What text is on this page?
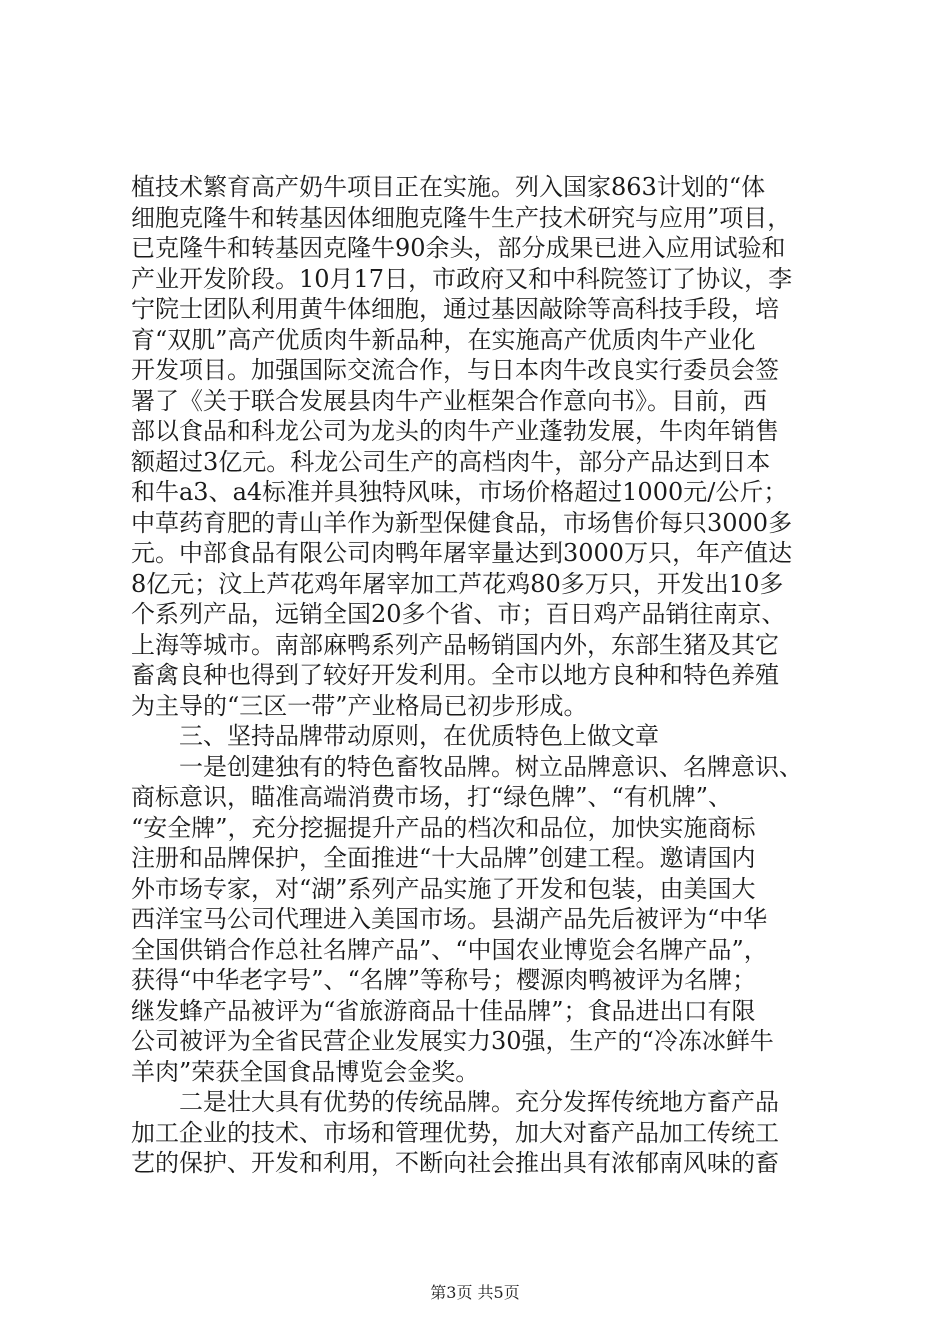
植技术繁育高产奶牛项目正在实施。列入国家863计划的“体
细胞克隆牛和转基因体细胞克隆牛生产技术研究与应用”项目，
已克隆牛和转基因克隆牛90余头，部分成果已进入应用试验和
产业开发阶段。10月17日，市政府又和中科院签订了协议，李
宁院士团队利用黄牛体细胞，通过基因敲除等高科技手段，培
育“双肌”高产优质肉牛新品种，在实施高产优质肉牛产业化
开发项目。加强国际交流合作，与日本肉牛改良实行委员会签
署了《关于联合发展县肉牛产业框架合作意向书》。目前，西
部以食品和科龙公司为龙头的肉牛产业蓬勃发展，牛肉年销售
额超过3亿元。科龙公司生产的高档肉牛，部分产品达到日本
和牛a3、a4标准并具独特风味，市场价格超过1000元/公斤；
中草药育肥的青山羊作为新型保健食品，市场售价每只3000多
元。中部食品有限公司肉鸭年屠宰量达到3000万只，年产值达
8亿元；汶上芦花鸡年屠宰加工芦花鸡80多万只，开发出10多
个系列产品，远销全国20多个省、市；百日鸡产品销往南京、
上海等城市。南部麻鸭系列产品畅销国内外，东部生猪及其它
畜禽良种也得到了较好开发利用。全市以地方良种和特色养殖
为主导的“三区一带”产业格局已初步形成。
　　三、坚持品牌带动原则，在优质特色上做文章
　　一是创建独有的特色畜牧品牌。树立品牌意识、名牌意识、
商标意识，瞄准高端消费市场，打“绿色牌”、“有机牌”、
“安全牌”，充分挖掘提升产品的档次和品位，加快实施商标
注册和品牌保护，全面推进“十大品牌”创建工程。邀请国内
外市场专家，对“湖”系列产品实施了开发和包装，由美国大
西洋宝马公司代理进入美国市场。县湖产品先后被评为“中华
全国供销合作总社名牌产品”、“中国农业博览会名牌产品”，
获得“中华老字号”、“名牌”等称号；樱源肉鸭被评为名牌；
继发蜂产品被评为“省旅游商品十佳品牌”；食品进出口有限
公司被评为全省民营企业发展实力30强，生产的“冷冻冰鲜牛
羊肉”荣获全国食品博览会金奖。
　　二是壮大具有优势的传统品牌。充分发挥传统地方畜产品
加工企业的技术、市场和管理优势，加大对畜产品加工传统工
艺的保护、开发和利用，不断向社会推出具有浓郁南风味的畜
第3页 共5页
